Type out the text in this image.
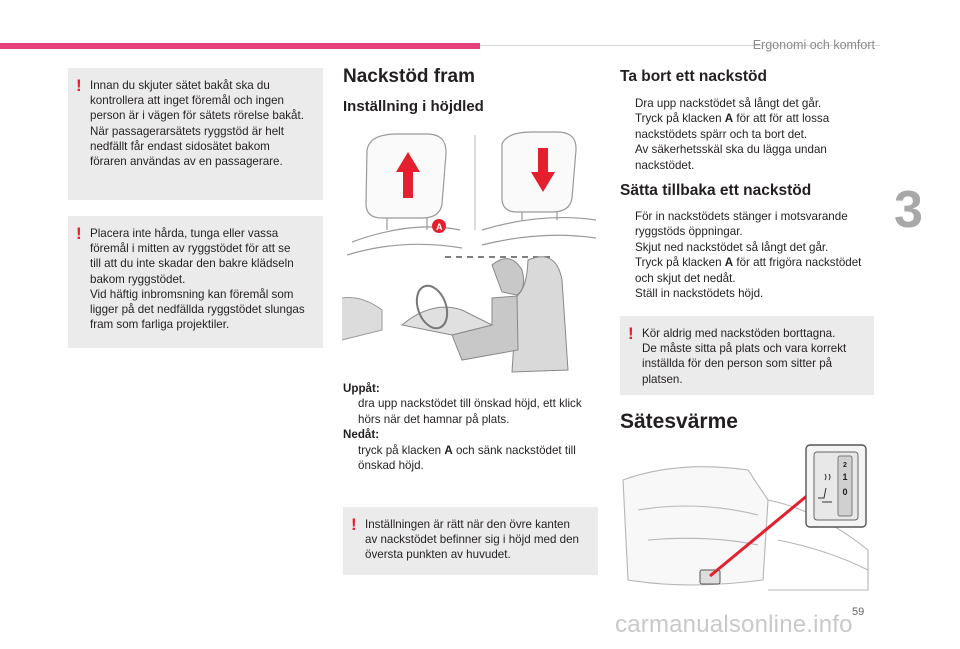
Ergonomi och komfort
3
! Innan du skjuter sätet bakåt ska du

kontrollera att inget föremål och ingen

person är i vägen för sätets rörelse bakåt.

När passagerarsätets ryggstöd är helt

nedfällt får endast sidosätet bakom

föraren användas av en passagerare.

! Placera inte hårda, tunga eller vassa

föremål i mitten av ryggstödet för att se

till att du inte skadar den bakre klädseln

bakom ryggstödet.

Vid häftig inbromsning kan föremål som

ligger på det nedfällda ryggstödet slungas

fram som farliga projektiler.

Nackstöd fram
Inställning i höjdled
A
Uppåt:
dra upp nackstödet till önskad höjd, ett klick
hörs när det hamnar på plats.
Nedåt:
tryck på klacken A och sänk nackstödet till
önskad höjd.
! Inställningen är rätt när den övre kanten

av nackstödet befinner sig i höjd med den

översta punkten av huvudet.

Ta bort ett nackstöd
Dra upp nackstödet så långt det går.
Tryck på klacken A för att för att lossa
nackstödets spärr och ta bort det.
Av säkerhetsskäl ska du lägga undan
nackstödet.
Sätta tillbaka ett nackstöd
För in nackstödets stänger i motsvarande
ryggstöds öppningar.
Skjut ned nackstödet så långt det går.
Tryck på klacken A för att frigöra nackstödet
och skjut det nedåt.
Ställ in nackstödets höjd.
! Kör aldrig med nackstöden borttagna.

De måste sitta på plats och vara korrekt

inställda för den person som sitter på

platsen.

Sätesvärme
2
1
0
59
carmanualsonline.info
